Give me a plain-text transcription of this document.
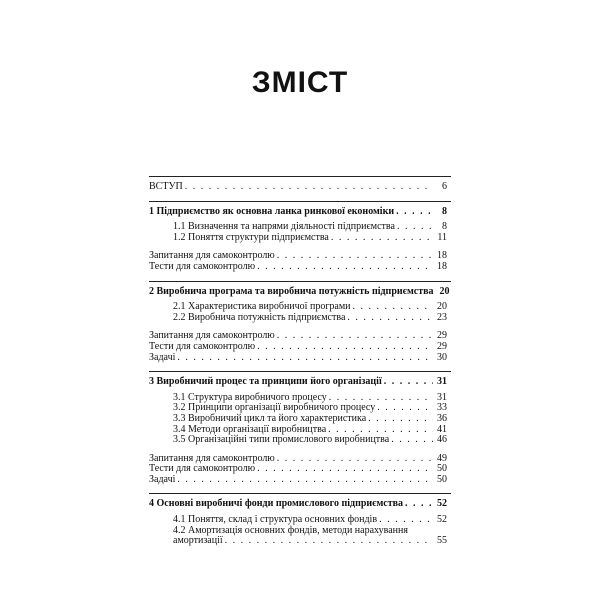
ЗМІСТ
ВСТУП . . .	6
1 Підприємство як основна ланка ринкової економіки . . .	8
1.1 Визначення та напрями діяльності підприємства . . .	8
1.2 Поняття структури підприємства . . .	11
Запитання для самоконтролю . . .	18
Тести для самоконтролю . . .	18
2 Виробнича програма та виробнича потужність підприємства 20
2.1 Характеристика виробничої програми . . .	20
2.2 Виробнича потужність підприємства . . .	23
Запитання для самоконтролю . . .	29
Тести для самоконтролю . . .	29
Задачі . . .	30
3 Виробничий процес та принципи його організації . . .	31
3.1 Структура виробничого процесу . . .	31
3.2 Принципи організації виробничого процесу . . .	33
3.3 Виробничий цикл та його характеристика . . .	36
3.4 Методи організації виробництва . . .	41
3.5 Організаційні типи промислового виробництва . . .	46
Запитання для самоконтролю . . .	49
Тести для самоконтролю . . .	50
Задачі . . .	50
4 Основні виробничі фонди промислового підприємства . . .	52
4.1 Поняття, склад і структура основних фондів . . .	52
4.2 Амортизація основних фондів, методи нарахування
амортизації . . .	55
